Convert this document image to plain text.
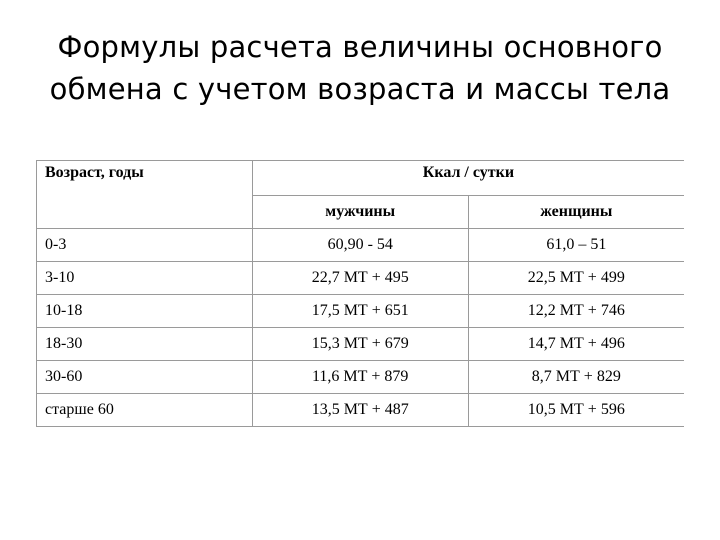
Формулы расчета величины основного
обмена с учетом возраста и массы тела
Возраст, годы	Ккал / сутки	
	мужчины	женщины
0-3	60,90 - 54	61,0 – 51
3-10	22,7 МТ + 495	22,5 МТ + 499
10-18	17,5 МТ + 651	12,2 МТ + 746
18-30	15,3 МТ + 679	14,7 МТ + 496
30-60	11,6 МТ + 879	8,7 МТ + 829
старше 60	13,5 МТ + 487	10,5 МТ + 596
